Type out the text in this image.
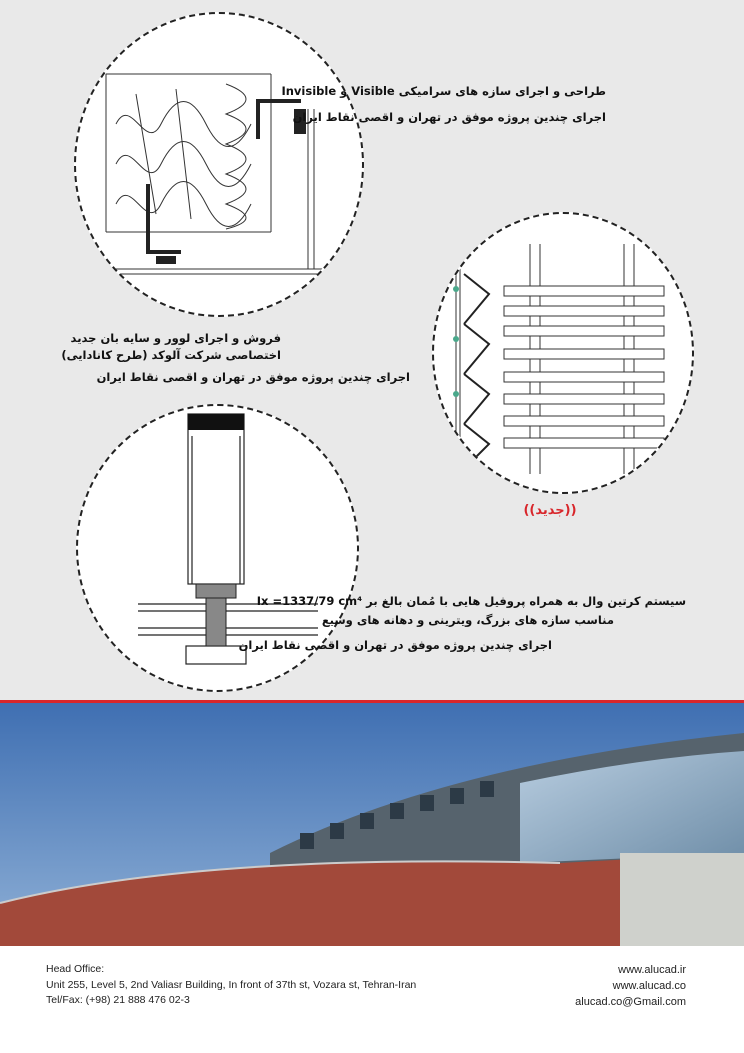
طراحی و اجرای سازه های سرامیکی Visible و Invisible
اجرای چندین پروژه موفق در تهران و اقصی نقاط ایران
فروش و اجرای لوور و سایه بان جدید
اختصاصی شرکت آلوکد (طرح کانادایی)
اجرای چندین پروژه موفق در تهران و اقصی نقاط ایران
((جدید))
سیستم کرتین وال به همراه پروفیل هایی با مُمان بالغ بر Ix =1337/79 cm⁴
مناسب سازه های بزرگ، ویترینی و دهانه های وسیع
اجرای چندین پروژه موفق در تهران و اقصی نقاط ایران
Head Office:
Unit 255, Level 5, 2nd Valiasr Building, In front of 37th st, Vozara st, Tehran-Iran
Tel/Fax: (+98) 21 888 476 02-3
www.alucad.ir
www.alucad.co
alucad.co@Gmail.com
